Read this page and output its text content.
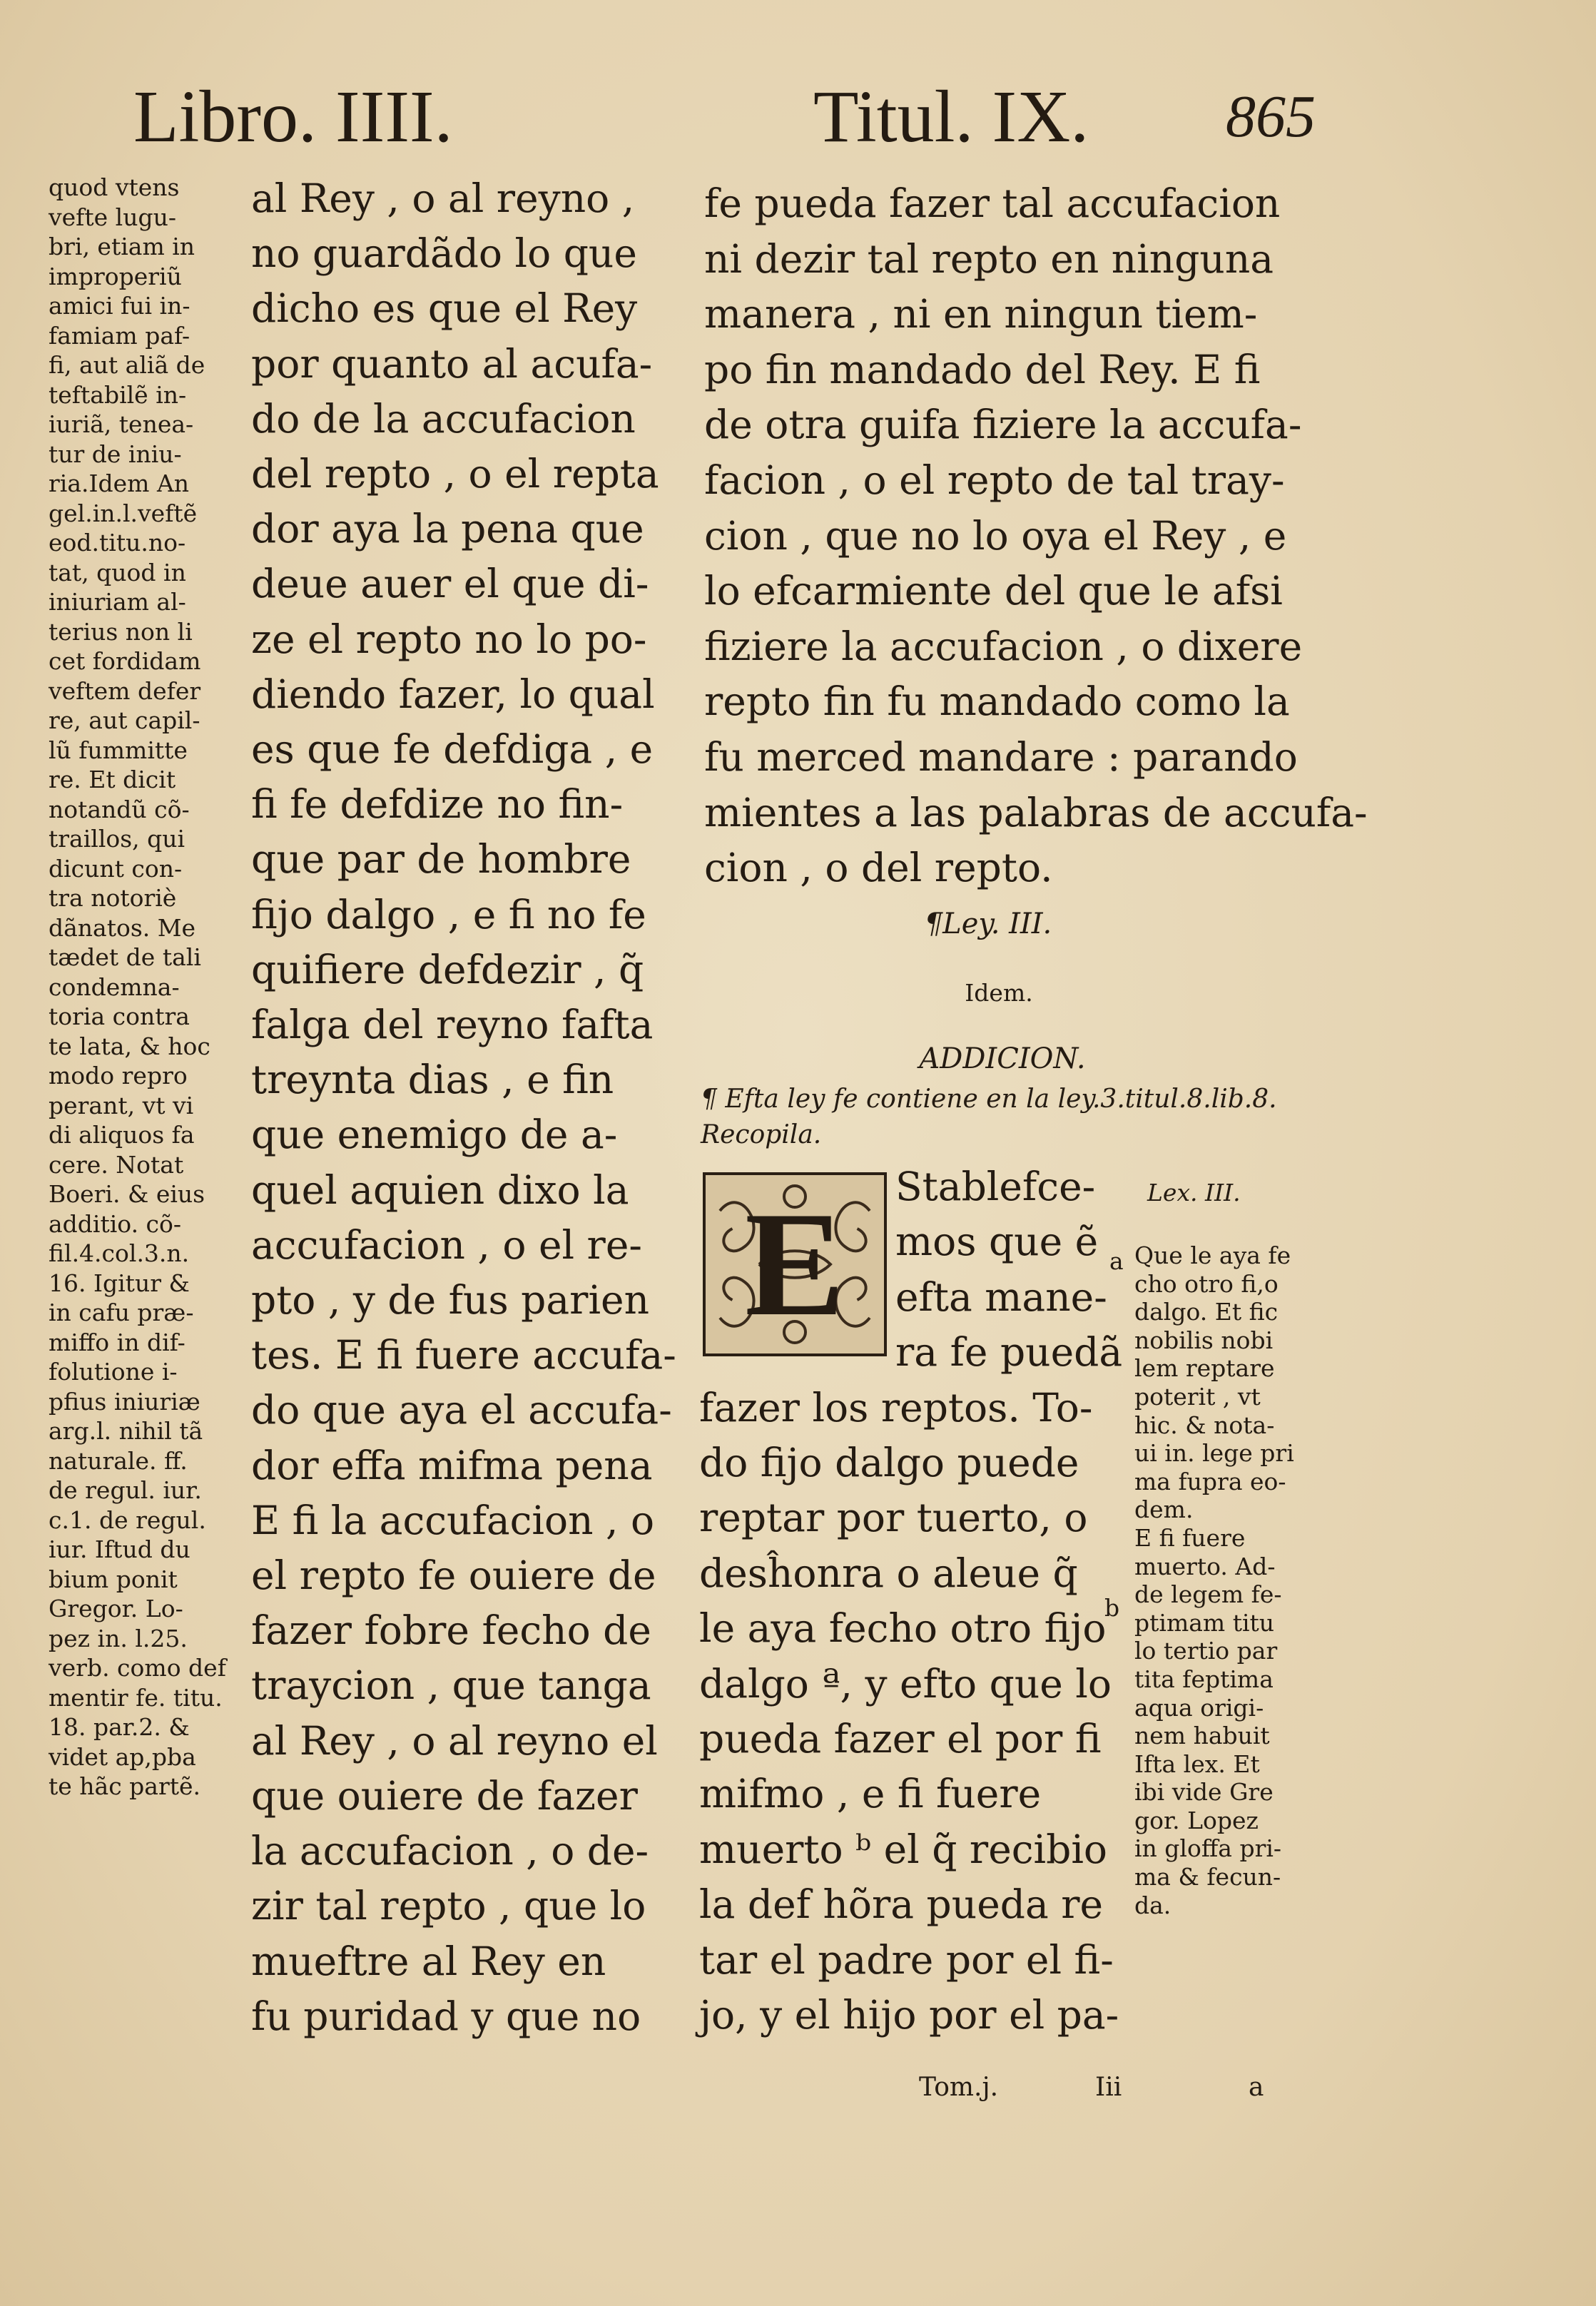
Libro. IIII.	Titul. IX. 865
quod vtens
vefte lugu-
bri, etiam in
improperiũ
amici fui in-
famiam paf-
fi, aut aliã de
teftabilẽ in-
iuriã, tenea-
tur de iniu-
ria.Idem An
gel.in.l.veftẽ
eod.titu.no-
tat, quod in
iniuriam al-
terius non li
cet fordidam
veftem defer
re, aut capil-
lũ fummitte
re. Et dicit
notandũ cõ-
traillos, qui
dicunt con-
tra notoriè
dãnatos. Me
tædet de tali
condemna-
toria contra
te lata, & hoc
modo repro
perant, vt vi
di aliquos fa
cere. Notat
Boeri. & eius
additio. cõ-
fil.4.col.3.n.
16. Igitur &
in cafu præ-
miffo in dif-
folutione i-
pfius iniuriæ
arg.l. nihil tã
naturale. ff.
de regul. iur.
c.1. de regul.
iur. Iftud du
bium ponit
Gregor. Lo-
pez in. l.25.
verb. como def
mentir fe. titu.
18. par.2. &
videt ap,pba
te hãc partẽ.
al Rey , o al reyno ,
no guardãdo lo que
dicho es que el Rey
por quanto al acufa-
do de la accufacion
del repto , o el repta
dor aya la pena que
deue auer el que di-
ze el repto no lo po-
diendo fazer, lo qual
es que fe defdiga , e
fi fe defdize no fin-
que par de hombre
fijo dalgo , e fi no fe
quifiere defdezir , q̃
falga del reyno fafta
treynta dias , e fin
que enemigo de a-
quel aquien dixo la
accufacion , o el re-
pto , y de fus parien
tes. E fi fuere accufa-
do que aya el accufa-
dor effa mifma pena
E fi la accufacion , o
el repto fe ouiere de
fazer fobre fecho de
traycion , que tanga
al Rey , o al reyno el
que ouiere de fazer
la accufacion , o de-
zir tal repto , que lo
mueftre al Rey en
fu puridad y que no
fe pueda fazer tal accufacion
ni dezir tal repto en ninguna
manera , ni en ningun tiem-
po fin mandado del Rey. E fi
de otra guifa fiziere la accufa-
facion , o el repto de tal tray-
cion , que no lo oya el Rey , e
lo efcarmiente del que le afsi
fiziere la accufacion , o dixere
repto fin fu mandado como la
fu merced mandare : parando
mientes a las palabras de accufa-
cion , o del repto.
¶Ley. III.
Idem.
ADDICION.
¶ Efta ley fe contiene en la ley.3.titul.8.lib.8.
Recopila.
E	Stablefce-
mos que ẽ
efta mane-
ra fe puedã
fazer los reptos. To-
do fijo dalgo puede
reptar por tuerto, o
desĥonra o aleue q̃
le aya fecho otro fijo
dalgo ª, y efto que lo
pueda fazer el por fi
mifmo , e fi fuere
muerto ᵇ el q̃ recibio
la def hõra pueda re
tar el padre por el fi-
jo, y el hijo por el pa-
Lex. III.
a
b
Que le aya fe
cho otro fi,o
dalgo. Et fic
nobilis nobi
lem reptare
poterit , vt
hic. & nota-
ui in. lege pri
ma fupra eo-
dem.
E fi fuere
muerto. Ad-
de legem fe-
ptimam titu
lo tertio par
tita feptima
aqua origi-
nem habuit
Ifta lex. Et
ibi vide Gre
gor. Lopez
in gloffa pri-
ma & fecun-
da.
Tom.j.	Iii	a
